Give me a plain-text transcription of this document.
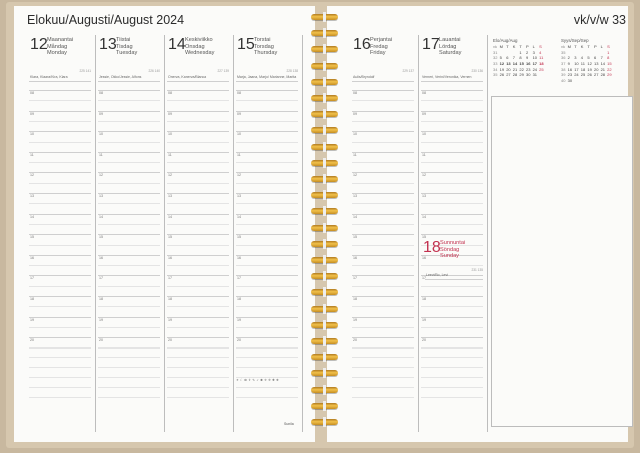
Elokuu/Augusti/August 2024
12 Maanantai
Måndag
Monday
225 141
Klara, Klaara/Kira, Klara
08
09
10
11
12
13
14
15
16
17
18
19
20
13 Tiistai
Tisdag
Tuesday
226 140
Jessie, Okko/Jessie, Alfons
08
09
10
11
12
13
14
15
16
17
18
19
20
14 Keskiviikko
Onsdag
Wednesday
227 139
Onerva, Kanerva/Blanca
08
09
10
11
12
13
14
15
16
17
18
19
20
15 Torstai
Torsdag
Thursday
228 138
Marja, Jaana, Marjo/ Marianne, Marita
08
09
10
11
12
13
14
15
16
17
18
19
20
☀ ☾ ✿ ⚘ ✎ ✓ ✱ ✢ ✣ ✤ ✥
Sunila
vk/v/w 33
16 Perjantai
Fredag
Friday
229 137
Aulis/Bryndolf
08
09
10
11
12
13
14
15
16
17
18
19
20
17 Lauantai
Lördag
Saturday
230 136
Verneri, Verini/Veronika, Vernen
08
09
10
11
12
13
14
15
16
17
18
19
20
18 Sunnuntai
Söndag
Sunday
231 135
Leevi/Bo, Levi
Elo/Aug/Aug
vk	M	T	K	T	P	L	S
31				1	2	3	4
32	5	6	7	8	9	10	11
33	12	13	14	15	16	17	18
34	19	20	21	22	23	24	25
35	26	27	28	29	30	31	
Syys/Sep/Sep
vk	M	T	K	T	P	L	S
35							1
36	2	3	4	5	6	7	8
37	9	10	11	12	13	14	15
38	16	17	18	19	20	21	22
39	23	24	25	26	27	28	29
40	30						
